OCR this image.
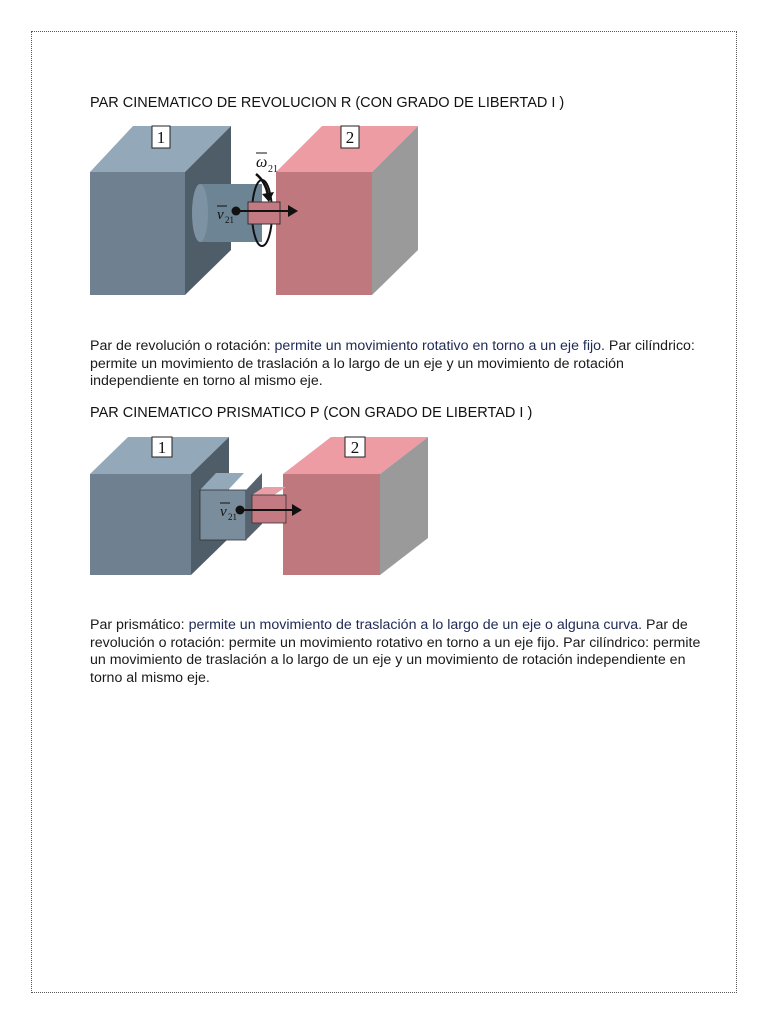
PAR CINEMATICO DE REVOLUCION R (CON GRADO DE LIBERTAD I )
1	2
ω 21
v 21

Par de revolución o rotación: permite un movimiento rotativo en torno a un eje fijo. Par cilíndrico: permite un movimiento de traslación a lo largo de un eje y un movimiento de rotación independiente en torno al mismo eje.

PAR CINEMATICO PRISMATICO P (CON GRADO DE LIBERTAD I )
1	2
v 21

Par prismático: permite un movimiento de traslación a lo largo de un eje o alguna curva. Par de revolución o rotación: permite un movimiento rotativo en torno a un eje fijo. Par cilíndrico: permite un movimiento de traslación a lo largo de un eje y un movimiento de rotación independiente en torno al mismo eje.
